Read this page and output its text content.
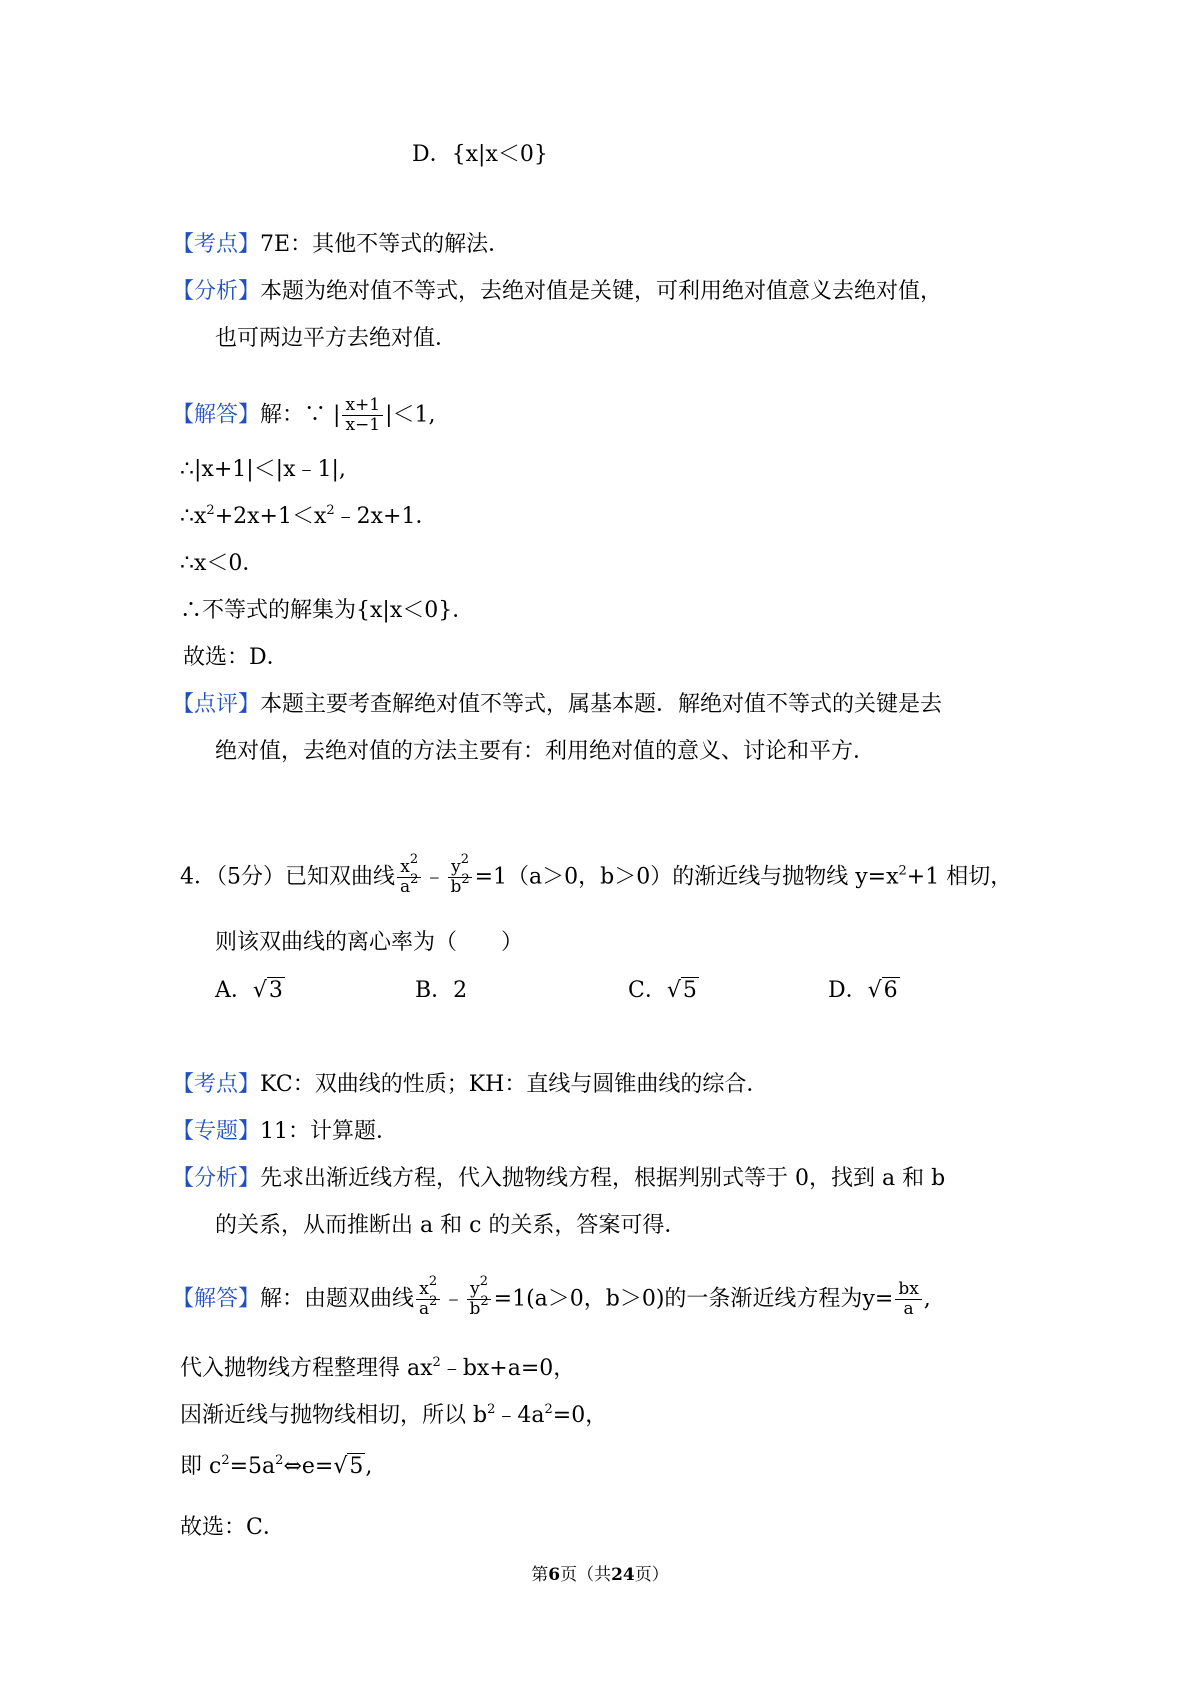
D．{x|x＜0}
【考点】7E：其他不等式的解法．
【分析】本题为绝对值不等式，去绝对值是关键，可利用绝对值意义去绝对值，
也可两边平方去绝对值．
【解答】解：∵ | $\frac{x+1}{x-1} |<1$,
∴|x+1|＜|x﹣1|,
$\therefore x^2+2x+1<x^2﹣2x+1$．
∴x＜0．
∴不等式的解集为{x|x＜0}．
故选：D．
【点评】本题主要考查解绝对值不等式，属基本题．解绝对值不等式的关键是去
绝对值，去绝对值的方法主要有：利用绝对值的意义、讨论和平方．
4．（5分）已知双曲线 $\frac{x^2}{a^2}$ ﹣ $\frac{y^2}{b^2} =1(a>0$，b＞0）的渐近线与抛物线 $y=x^2+1$ 相切，
则该双曲线的离心率为（　　）
A．√3	B．2	C．√5	D．√6
【考点】KC：双曲线的性质；KH：直线与圆锥曲线的综合．
【专题】11：计算题．
【分析】先求出渐近线方程，代入抛物线方程，根据判别式等于 0，找到 a 和 b
的关系，从而推断出 a 和 c 的关系，答案可得．
【解答】解：由题双曲线 $\frac{x^2}{a^2}$ ﹣ $\frac{y^2}{b^2} =1(a>0$，b＞0)的一条渐近线方程为$y= \frac{bx}{a}$ ,
代入抛物线方程整理得 $ax^2﹣bx+a=0$，
因渐近线与抛物线相切，所以 $b^2﹣4a^2=0$，
即 $c^2=5a^2\Leftrightarrow e=√5$,
故选：C．
第6页（共24页）
